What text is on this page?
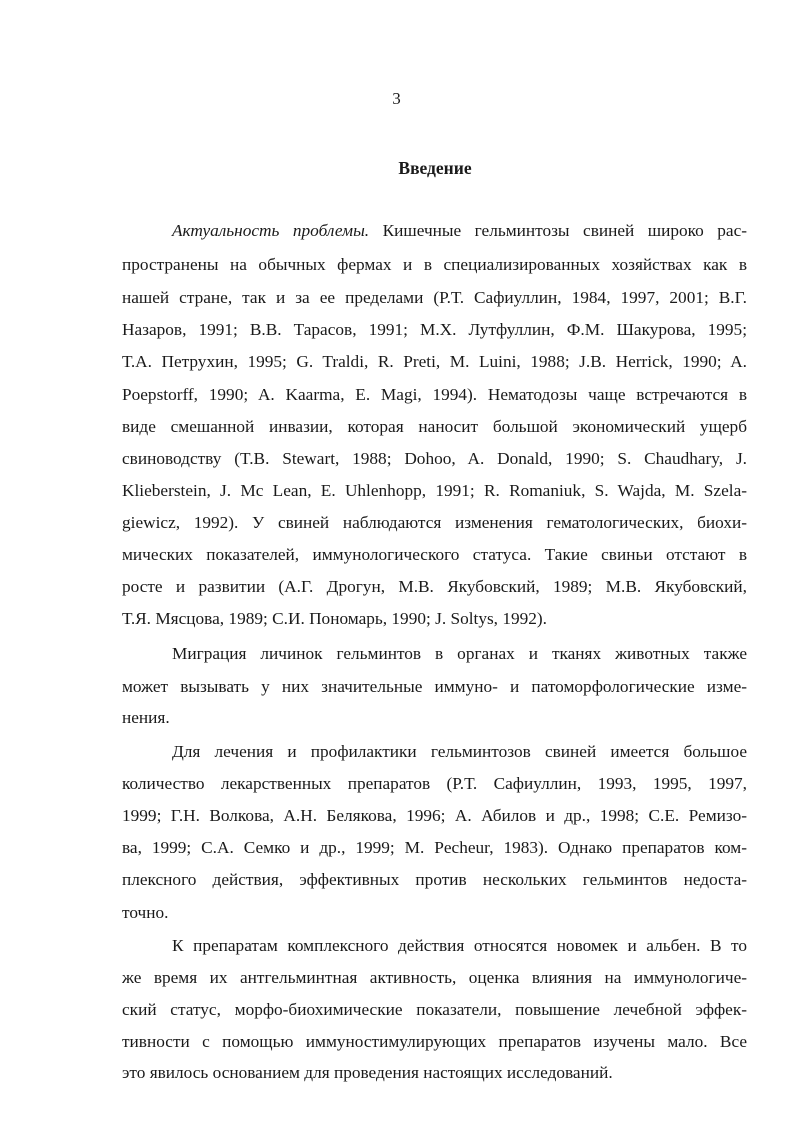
3
Введение
Актуальность проблемы. Кишечные гельминтозы свиней широко рас-
пространены на обычных фермах и в специализированных хозяйствах как в
нашей стране, так и за ее пределами (Р.Т. Сафиуллин, 1984, 1997, 2001; В.Г.
Назаров, 1991; В.В. Тарасов, 1991; М.Х. Лутфуллин, Ф.М. Шакурова, 1995;
Т.А. Петрухин, 1995; G. Traldi, R. Preti, M. Luini, 1988; J.B. Herrick, 1990; A.
Poepstorff, 1990; A. Kaarma, E. Magi, 1994). Нематодозы чаще встречаются в
виде смешанной инвазии, которая наносит большой экономический ущерб
свиноводству (T.B. Stewart, 1988; Dohoo, A. Donald, 1990; S. Chaudhary, J.
Klieberstein, J. Mc Lean, E. Uhlenhopp, 1991; R. Romaniuk, S. Wajda, M. Szela-
giewicz, 1992). У свиней наблюдаются изменения гематологических, биохи-
мических показателей, иммунологического статуса. Такие свиньи отстают в
росте и развитии (А.Г. Дрогун, М.В. Якубовский, 1989; М.В. Якубовский,
Т.Я. Мясцова, 1989; С.И. Пономарь, 1990; J. Soltys, 1992).
Миграция личинок гельминтов в органах и тканях животных также
может вызывать у них значительные иммуно- и патоморфологические изме-
нения.
Для лечения и профилактики гельминтозов свиней имеется большое
количество лекарственных препаратов (Р.Т. Сафиуллин, 1993, 1995, 1997,
1999; Г.Н. Волкова, А.Н. Белякова, 1996; А. Абилов и др., 1998; С.Е. Ремизо-
ва, 1999; С.А. Семко и др., 1999; M. Pecheur, 1983). Однако препаратов ком-
плексного действия, эффективных против нескольких гельминтов недоста-
точно.
К препаратам комплексного действия относятся новомек и альбен. В то
же время их антгельминтная активность, оценка влияния на иммунологиче-
ский статус, морфо-биохимические показатели, повышение лечебной эффек-
тивности с помощью иммуностимулирующих препаратов изучены мало. Все
это явилось основанием для проведения настоящих исследований.
